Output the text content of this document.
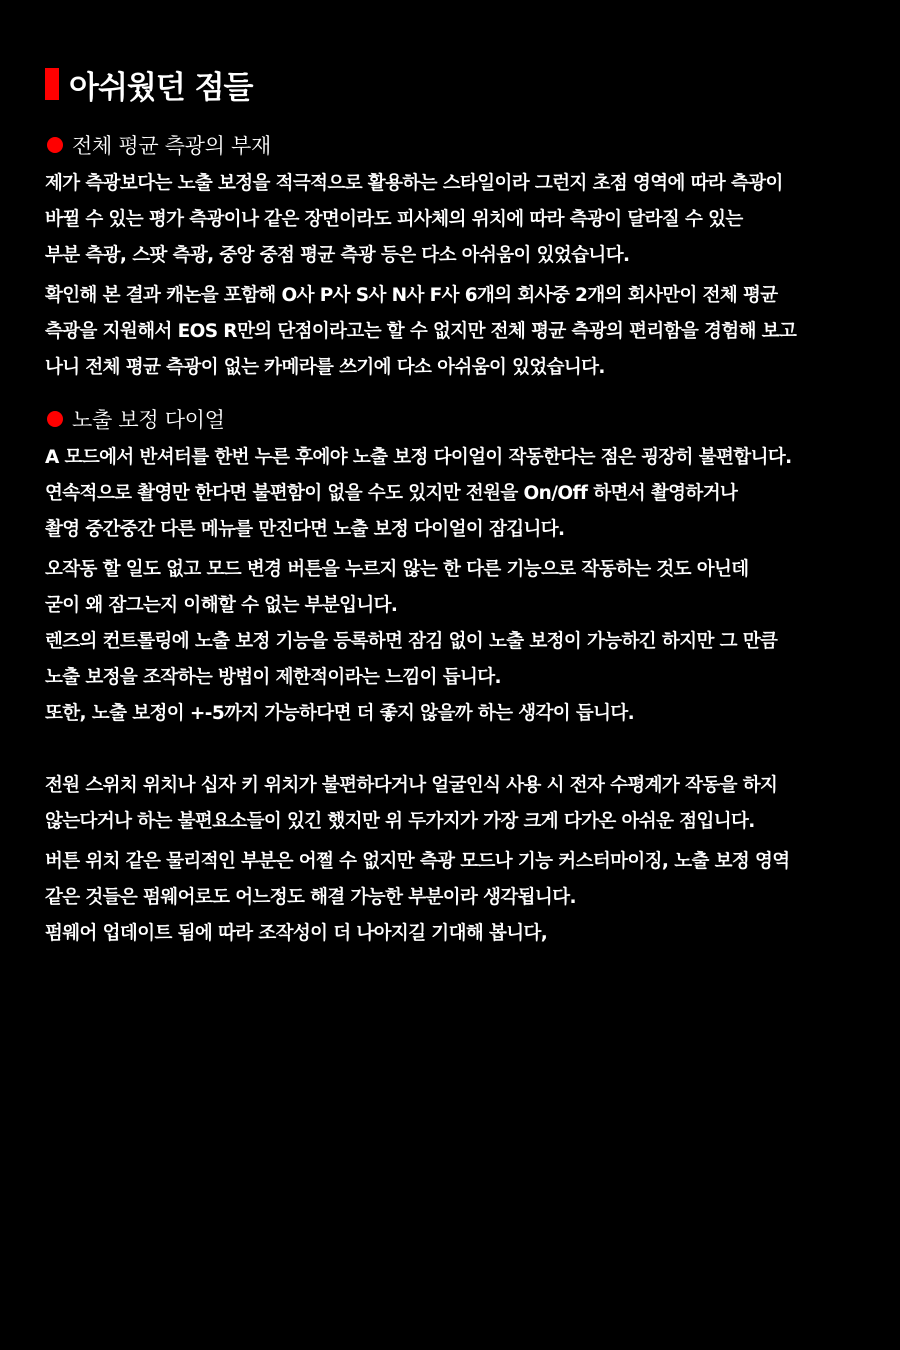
아쉬웠던 점들
전체 평균 측광의 부재
제가 측광보다는 노출 보정을 적극적으로 활용하는 스타일이라 그런지 초점 영역에 따라 측광이
바뀔 수 있는 평가 측광이나 같은 장면이라도 피사체의 위치에 따라 측광이 달라질 수 있는
부분 측광, 스팟 측광, 중앙 중점 평균 측광 등은 다소 아쉬움이 있었습니다.
확인해 본 결과 캐논을 포함해 O사 P사 S사 N사 F사 6개의 회사중 2개의 회사만이 전체 평균
측광을 지원해서 EOS R만의 단점이라고는 할 수 없지만 전체 평균 측광의 편리함을 경험해 보고
나니 전체 평균 측광이 없는 카메라를 쓰기에 다소 아쉬움이 있었습니다.
노출 보정 다이얼
A 모드에서 반셔터를 한번 누른 후에야 노출 보정 다이얼이 작동한다는 점은 굉장히 불편합니다.
연속적으로 촬영만 한다면 불편함이 없을 수도 있지만 전원을 On/Off 하면서 촬영하거나
촬영 중간중간 다른 메뉴를 만진다면 노출 보정 다이얼이 잠깁니다.
오작동 할 일도 없고 모드 변경 버튼을 누르지 않는 한 다른 기능으로 작동하는 것도 아닌데
굳이 왜 잠그는지 이해할 수 없는 부분입니다.
렌즈의 컨트롤링에 노출 보정 기능을 등록하면 잠김 없이 노출 보정이 가능하긴 하지만 그 만큼
노출 보정을 조작하는 방법이 제한적이라는 느낌이 듭니다.
또한, 노출 보정이 +-5까지 가능하다면 더 좋지 않을까 하는 생각이 듭니다.
전원 스위치 위치나 십자 키 위치가 불편하다거나 얼굴인식 사용 시 전자 수평계가 작동을 하지
않는다거나 하는 불편요소들이 있긴 했지만 위 두가지가 가장 크게 다가온 아쉬운 점입니다.
버튼 위치 같은 물리적인 부분은 어쩔 수 없지만 측광 모드나 기능 커스터마이징, 노출 보정 영역
같은 것들은 펌웨어로도 어느정도 해결 가능한 부분이라 생각됩니다.
펌웨어 업데이트 됨에 따라 조작성이 더 나아지길 기대해 봅니다,
